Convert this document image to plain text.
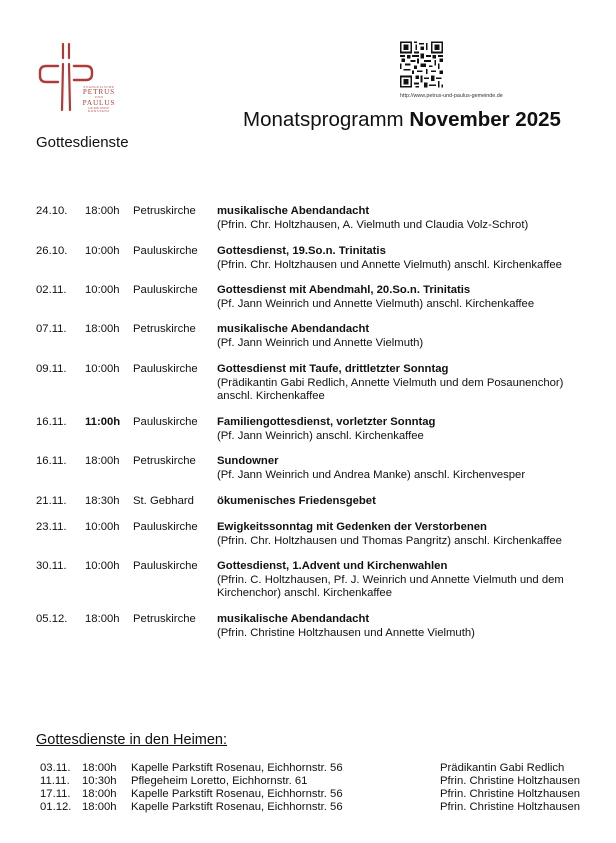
EVANGELISCHE
PETRUS
UND
PAULUS
GEMEINDE
KONSTANZ
http://www.petrus-und-paulus-gemeinde.de
Monatsprogramm November 2025
Gottesdienste
24.10. 18:00h Petruskirche musikalische Abendandacht
(Pfrin. Chr. Holtzhausen, A. Vielmuth und Claudia Volz-Schrot)
26.10. 10:00h Pauluskirche Gottesdienst, 19.So.n. Trinitatis
(Pfrin. Chr. Holtzhausen und Annette Vielmuth) anschl. Kirchenkaffee
02.11. 10:00h Pauluskirche Gottesdienst mit Abendmahl, 20.So.n. Trinitatis
(Pf. Jann Weinrich und Annette Vielmuth) anschl. Kirchenkaffee
07.11. 18:00h Petruskirche musikalische Abendandacht
(Pf. Jann Weinrich und Annette Vielmuth)
09.11. 10:00h Pauluskirche Gottesdienst mit Taufe, drittletzter Sonntag
(Prädikantin Gabi Redlich, Annette Vielmuth und dem Posaunenchor)
anschl. Kirchenkaffee
16.11. 11:00h Pauluskirche Familiengottesdienst, vorletzter Sonntag
(Pf. Jann Weinrich) anschl. Kirchenkaffee
16.11. 18:00h Petruskirche Sundowner
(Pf. Jann Weinrich und Andrea Manke) anschl. Kirchenvesper
21.11. 18:30h St. Gebhard ökumenisches Friedensgebet
23.11. 10:00h Pauluskirche Ewigkeitssonntag mit Gedenken der Verstorbenen
(Pfrin. Chr. Holtzhausen und Thomas Pangritz) anschl. Kirchenkaffee
30.11. 10:00h Pauluskirche Gottesdienst, 1.Advent und Kirchenwahlen
(Pfrin. C. Holtzhausen, Pf. J. Weinrich und Annette Vielmuth und dem
Kirchenchor) anschl. Kirchenkaffee
05.12. 18:00h Petruskirche musikalische Abendandacht
(Pfrin. Christine Holtzhausen und Annette Vielmuth)
Gottesdienste in den Heimen:
03.11. 18:00h Kapelle Parkstift Rosenau, Eichhornstr. 56	Prädikantin Gabi Redlich
11.11. 10:30h Pflegeheim Loretto, Eichhornstr. 61	Pfrin. Christine Holtzhausen
17.11. 18:00h Kapelle Parkstift Rosenau, Eichhornstr. 56	Pfrin. Christine Holtzhausen
01.12. 18:00h Kapelle Parkstift Rosenau, Eichhornstr. 56	Pfrin. Christine Holtzhausen
